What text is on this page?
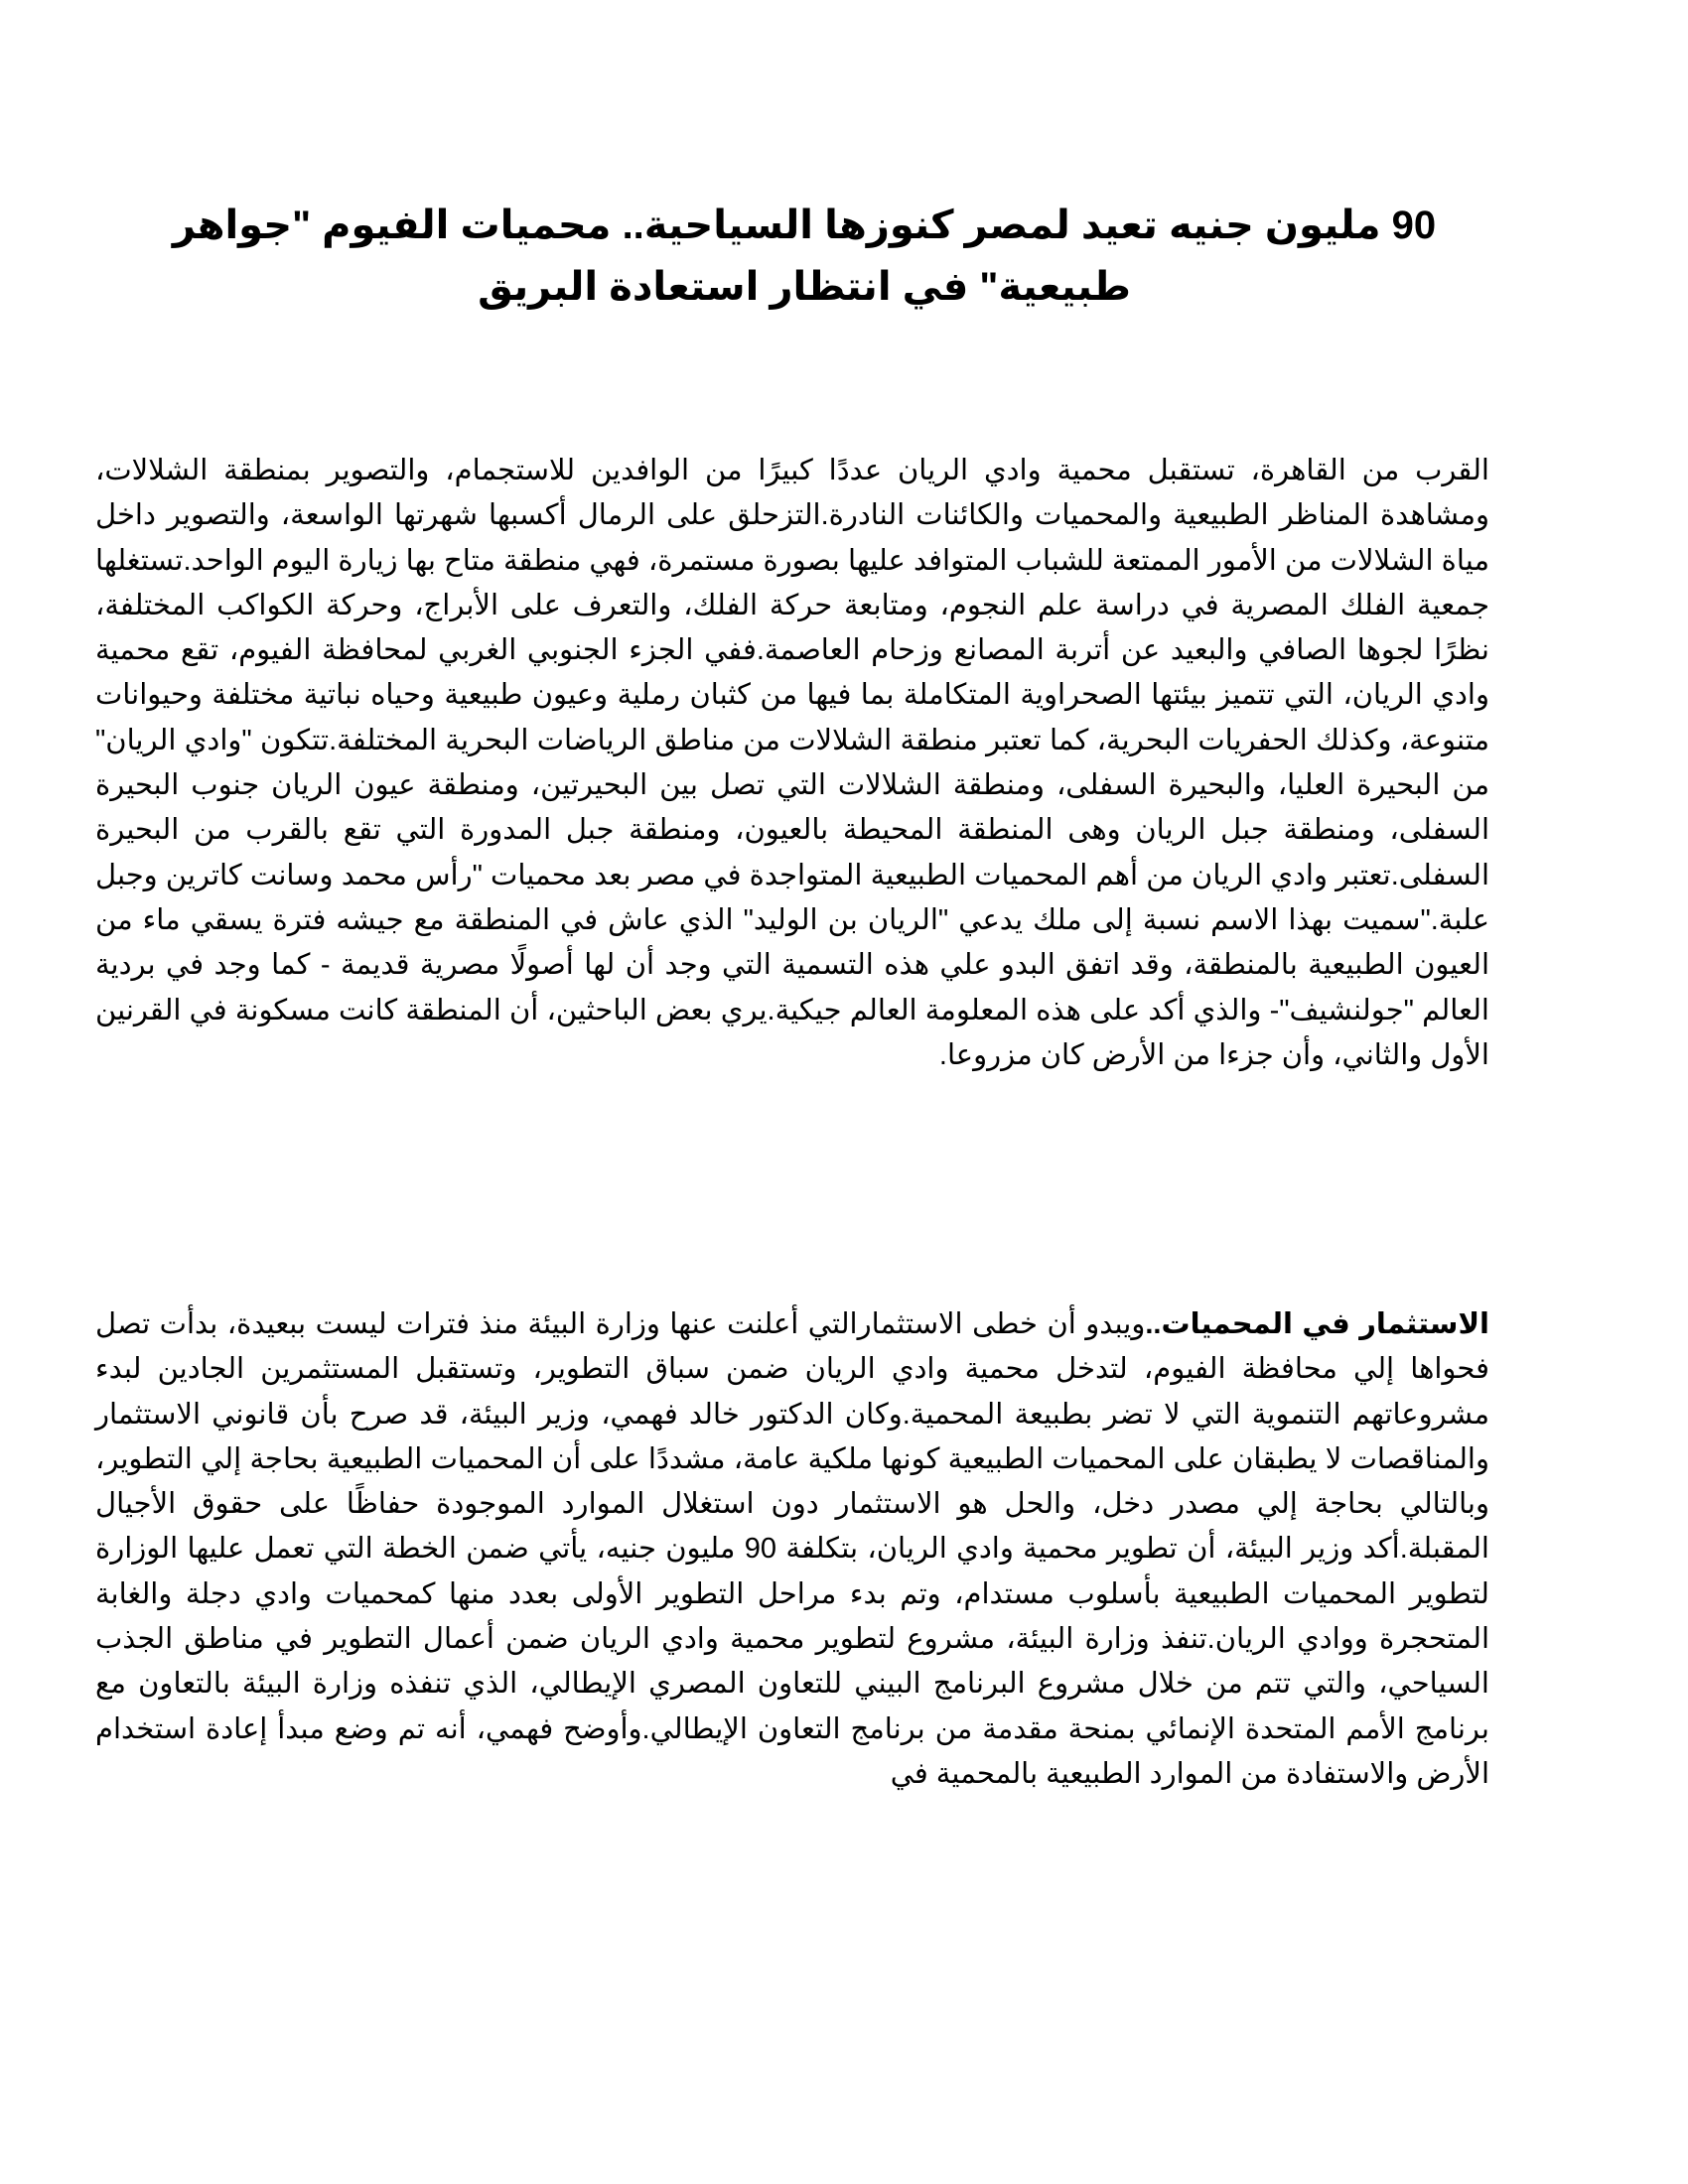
90 مليون جنيه تعيد لمصر كنوزها السياحية.. محميات الفيوم "جواهر طبيعية" في انتظار استعادة البريق

القرب من القاهرة، تستقبل محمية وادي الريان عددًا كبيرًا من الوافدين للاستجمام، والتصوير بمنطقة الشلالات، ومشاهدة المناظر الطبيعية والمحميات والكائنات النادرة.التزحلق على الرمال أكسبها شهرتها الواسعة، والتصوير داخل مياة الشلالات من الأمور الممتعة للشباب المتوافد عليها بصورة مستمرة، فهي منطقة متاح بها زيارة اليوم الواحد.تستغلها جمعية الفلك المصرية في دراسة علم النجوم، ومتابعة حركة الفلك، والتعرف على الأبراج، وحركة الكواكب المختلفة، نظرًا لجوها الصافي والبعيد عن أتربة المصانع وزحام العاصمة.ففي الجزء الجنوبي الغربي لمحافظة الفيوم، تقع محمية وادي الريان، التي تتميز بيئتها الصحراوية المتكاملة بما فيها من كثبان رملية وعيون طبيعية وحياه نباتية مختلفة وحيوانات متنوعة، وكذلك الحفريات البحرية، كما تعتبر منطقة الشلالات من مناطق الرياضات البحرية المختلفة.تتكون "وادي الريان" من البحيرة العليا، والبحيرة السفلى، ومنطقة الشلالات التي تصل بين البحيرتين، ومنطقة عيون الريان جنوب البحيرة السفلى، ومنطقة جبل الريان وهى المنطقة المحيطة بالعيون، ومنطقة جبل المدورة التي تقع بالقرب من البحيرة السفلى.تعتبر وادي الريان من أهم المحميات الطبيعية المتواجدة في مصر بعد محميات "رأس محمد وسانت كاترين وجبل علبة."سميت بهذا الاسم نسبة إلى ملك يدعي "الريان بن الوليد" الذي عاش في المنطقة مع جيشه فترة يسقي ماء من العيون الطبيعية بالمنطقة، وقد اتفق البدو علي هذه التسمية التي وجد أن لها أصولًا مصرية قديمة - كما وجد في بردية العالم "جولنشيف"- والذي أكد على هذه المعلومة العالم جيكية.يري بعض الباحثين، أن المنطقة كانت مسكونة في القرنين الأول والثاني، وأن جزءا من الأرض كان مزروعا.

الاستثمار في المحميات..ويبدو أن خطى الاستثمارالتي أعلنت عنها وزارة البيئة منذ فترات ليست ببعيدة، بدأت تصل فحواها إلي محافظة الفيوم، لتدخل محمية وادي الريان ضمن سباق التطوير، وتستقبل المستثمرين الجادين لبدء مشروعاتهم التنموية التي لا تضر بطبيعة المحمية.وكان الدكتور خالد فهمي، وزير البيئة، قد صرح بأن قانوني الاستثمار والمناقصات لا يطبقان على المحميات الطبيعية كونها ملكية عامة، مشددًا على أن المحميات الطبيعية بحاجة إلي التطوير، وبالتالي بحاجة إلي مصدر دخل، والحل هو الاستثمار دون استغلال الموارد الموجودة حفاظًا على حقوق الأجيال المقبلة.أكد وزير البيئة، أن تطوير محمية وادي الريان، بتكلفة 90 مليون جنيه، يأتي ضمن الخطة التي تعمل عليها الوزارة لتطوير المحميات الطبيعية بأسلوب مستدام، وتم بدء مراحل التطوير الأولى بعدد منها كمحميات وادي دجلة والغابة المتحجرة ووادي الريان.تنفذ وزارة البيئة، مشروع لتطوير محمية وادي الريان ضمن أعمال التطوير في مناطق الجذب السياحي، والتي تتم من خلال مشروع البرنامج البيني للتعاون المصري الإيطالي، الذي تنفذه وزارة البيئة بالتعاون مع برنامج الأمم المتحدة الإنمائي بمنحة مقدمة من برنامج التعاون الإيطالي.وأوضح فهمي، أنه تم وضع مبدأ إعادة استخدام الأرض والاستفادة من الموارد الطبيعية بالمحمية في
